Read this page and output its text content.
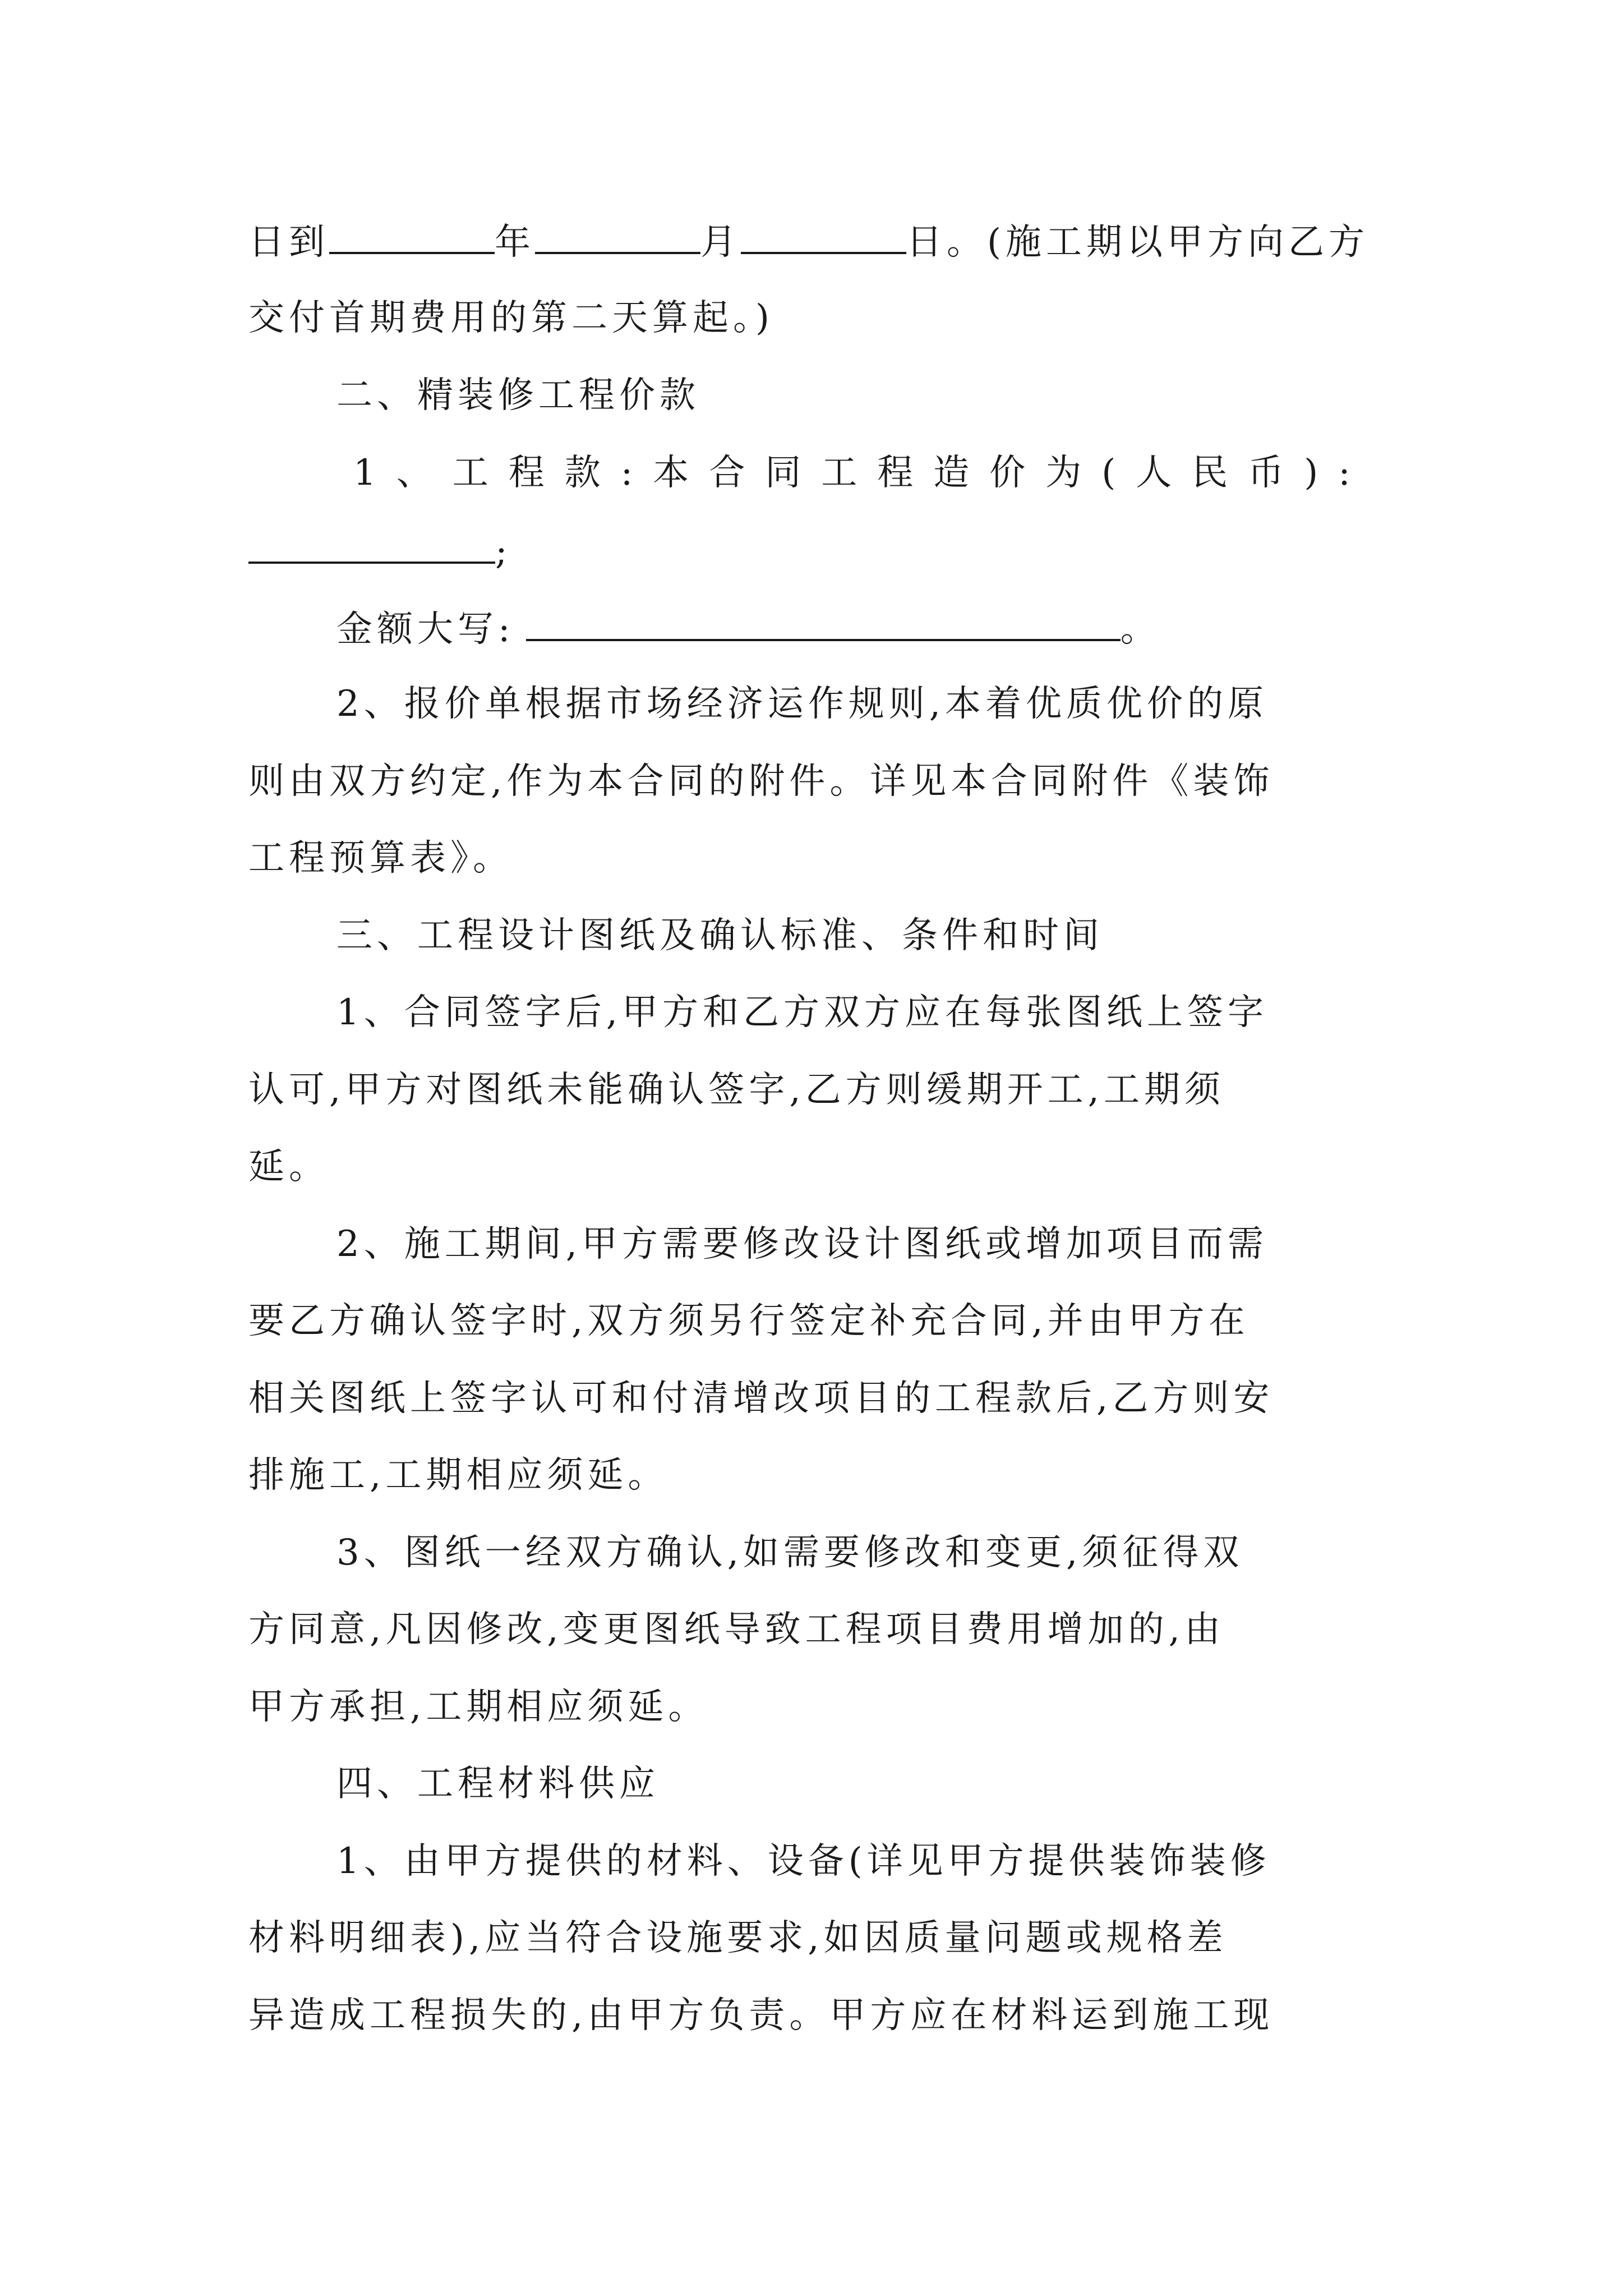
日到	年	月	日。(施工期以甲方向乙方
交付首期费用的第二天算起。)
二、精装修工程价款
1、工程款:本合同工程造价为(人民币):
;
金额大写:	。
2、报价单根据市场经济运作规则,本着优质优价的原
则由双方约定,作为本合同的附件。详见本合同附件《装饰
工程预算表》。
三、工程设计图纸及确认标准、条件和时间
1、合同签字后,甲方和乙方双方应在每张图纸上签字
认可,甲方对图纸未能确认签字,乙方则缓期开工,工期须
延。
2、施工期间,甲方需要修改设计图纸或增加项目而需
要乙方确认签字时,双方须另行签定补充合同,并由甲方在
相关图纸上签字认可和付清增改项目的工程款后,乙方则安
排施工,工期相应须延。
3、图纸一经双方确认,如需要修改和变更,须征得双
方同意,凡因修改,变更图纸导致工程项目费用增加的,由
甲方承担,工期相应须延。
四、工程材料供应
1、由甲方提供的材料、设备(详见甲方提供装饰装修
材料明细表),应当符合设施要求,如因质量问题或规格差
异造成工程损失的,由甲方负责。甲方应在材料运到施工现
